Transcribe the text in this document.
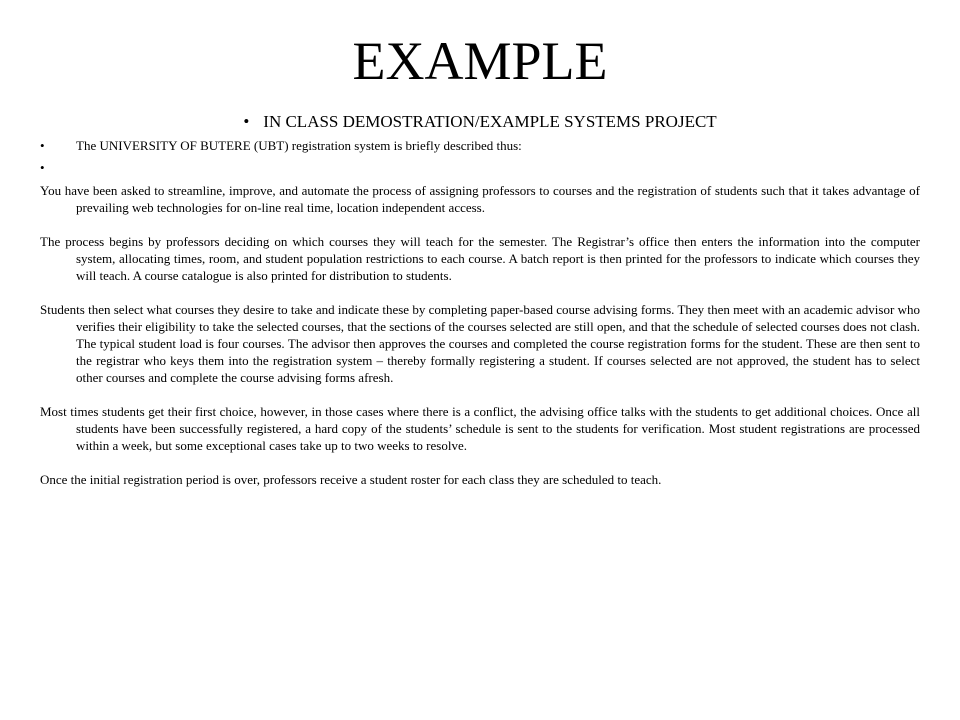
EXAMPLE
• IN CLASS DEMOSTRATION/EXAMPLE SYSTEMS PROJECT
• The UNIVERSITY OF BUTERE (UBT) registration system is briefly described thus:
•

You have been asked to streamline, improve, and automate the process of assigning professors to courses and the registration of students such that it takes advantage of prevailing web technologies for on-line real time, location independent access.

The process begins by professors deciding on which courses they will teach for the semester. The Registrar’s office then enters the information into the computer system, allocating times, room, and student population restrictions to each course. A batch report is then printed for the professors to indicate which courses they will teach. A course catalogue is also printed for distribution to students.

Students then select what courses they desire to take and indicate these by completing paper-based course advising forms. They then meet with an academic advisor who verifies their eligibility to take the selected courses, that the sections of the courses selected are still open, and that the schedule of selected courses does not clash. The typical student load is four courses. The advisor then approves the courses and completed the course registration forms for the student. These are then sent to the registrar who keys them into the registration system – thereby formally registering a student. If courses selected are not approved, the student has to select other courses and complete the course advising forms afresh.

Most times students get their first choice, however, in those cases where there is a conflict, the advising office talks with the students to get additional choices. Once all students have been successfully registered, a hard copy of the students’ schedule is sent to the students for verification. Most student registrations are processed within a week, but some exceptional cases take up to two weeks to resolve.

Once the initial registration period is over, professors receive a student roster for each class they are scheduled to teach.
